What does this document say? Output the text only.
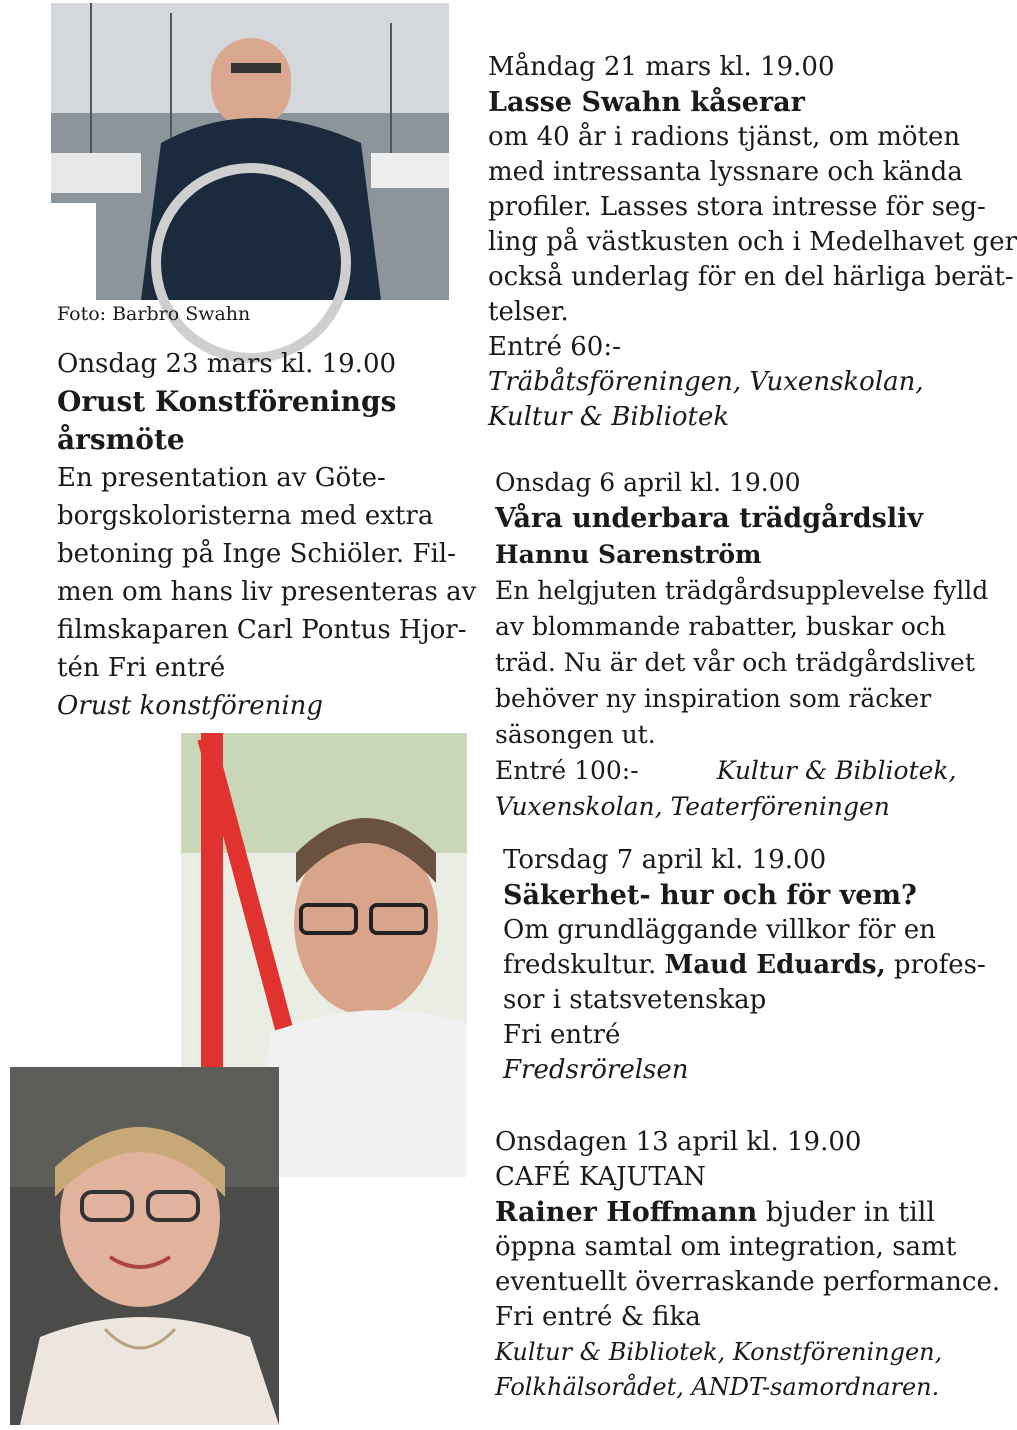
Foto: Barbro Swahn
Måndag 21 mars kl. 19.00
Lasse Swahn kåserar
om 40 år i radions tjänst, om möten
med intressanta lyssnare och kända
profiler. Lasses stora intresse för seg-
ling på västkusten och i Medelhavet ger
också underlag för en del härliga berät-
telser.
Entré 60:-
Träbåtsföreningen, Vuxenskolan,
Kultur & Bibliotek
Onsdag 23 mars kl. 19.00
Orust Konstförenings
årsmöte
En presentation av Göte-
borgskoloristerna med extra
betoning på Inge Schiöler. Fil-
men om hans liv presenteras av
filmskaparen Carl Pontus Hjor-
tén Fri entré
Orust konstförening
Onsdag 6 april kl. 19.00
Våra underbara trädgårdsliv
Hannu Sarenström
En helgjuten trädgårdsupplevelse fylld
av blommande rabatter, buskar och
träd. Nu är det vår och trädgårdslivet
behöver ny inspiration som räcker
säsongen ut.
Entré 100:-	Kultur & Bibliotek,
Vuxenskolan, Teaterföreningen
Torsdag 7 april kl. 19.00
Säkerhet- hur och för vem?
Om grundläggande villkor för en
fredskultur. Maud Eduards, profes-
sor i statsvetenskap
Fri entré
Fredsrörelsen
Onsdagen 13 april kl. 19.00
CAFÉ KAJUTAN
Rainer Hoffmann bjuder in till
öppna samtal om integration, samt
eventuellt överraskande performance.
Fri entré & fika
Kultur & Bibliotek, Konstföreningen,
Folkhälsorådet, ANDT-samordnaren.
